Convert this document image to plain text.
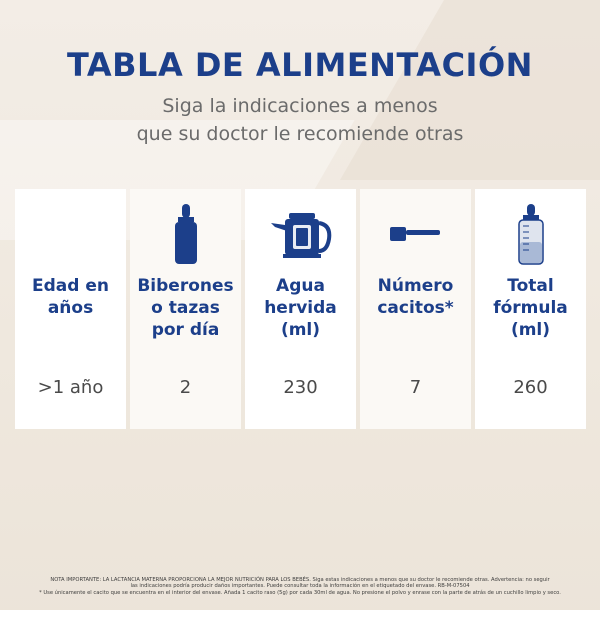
TABLA DE ALIMENTACIÓN
Siga la indicaciones a menos
que su doctor le recomiende otras
Edad en
años
>1 año
Biberones
o tazas
por día
2
Agua
hervida
(ml)
230
Número
cacitos*
7
Total
fórmula
(ml)
260
NOTA IMPORTANTE: LA LACTANCIA MATERNA PROPORCIONA LA MEJOR NUTRICIÓN PARA LOS BEBÉS. Siga estas indicaciones a menos que su doctor le recomiende otras. Advertencia: no seguir
las indicaciones podría producir daños importantes. Puede consultar toda la información en el etiquetado del envase. RB-M-07504
* Use únicamente el cacito que se encuentra en el interior del envase. Añada 1 cacito raso (5g) por cada 30ml de agua. No presione el polvo y enrase con la parte de atrás de un cuchillo limpio y seco.
